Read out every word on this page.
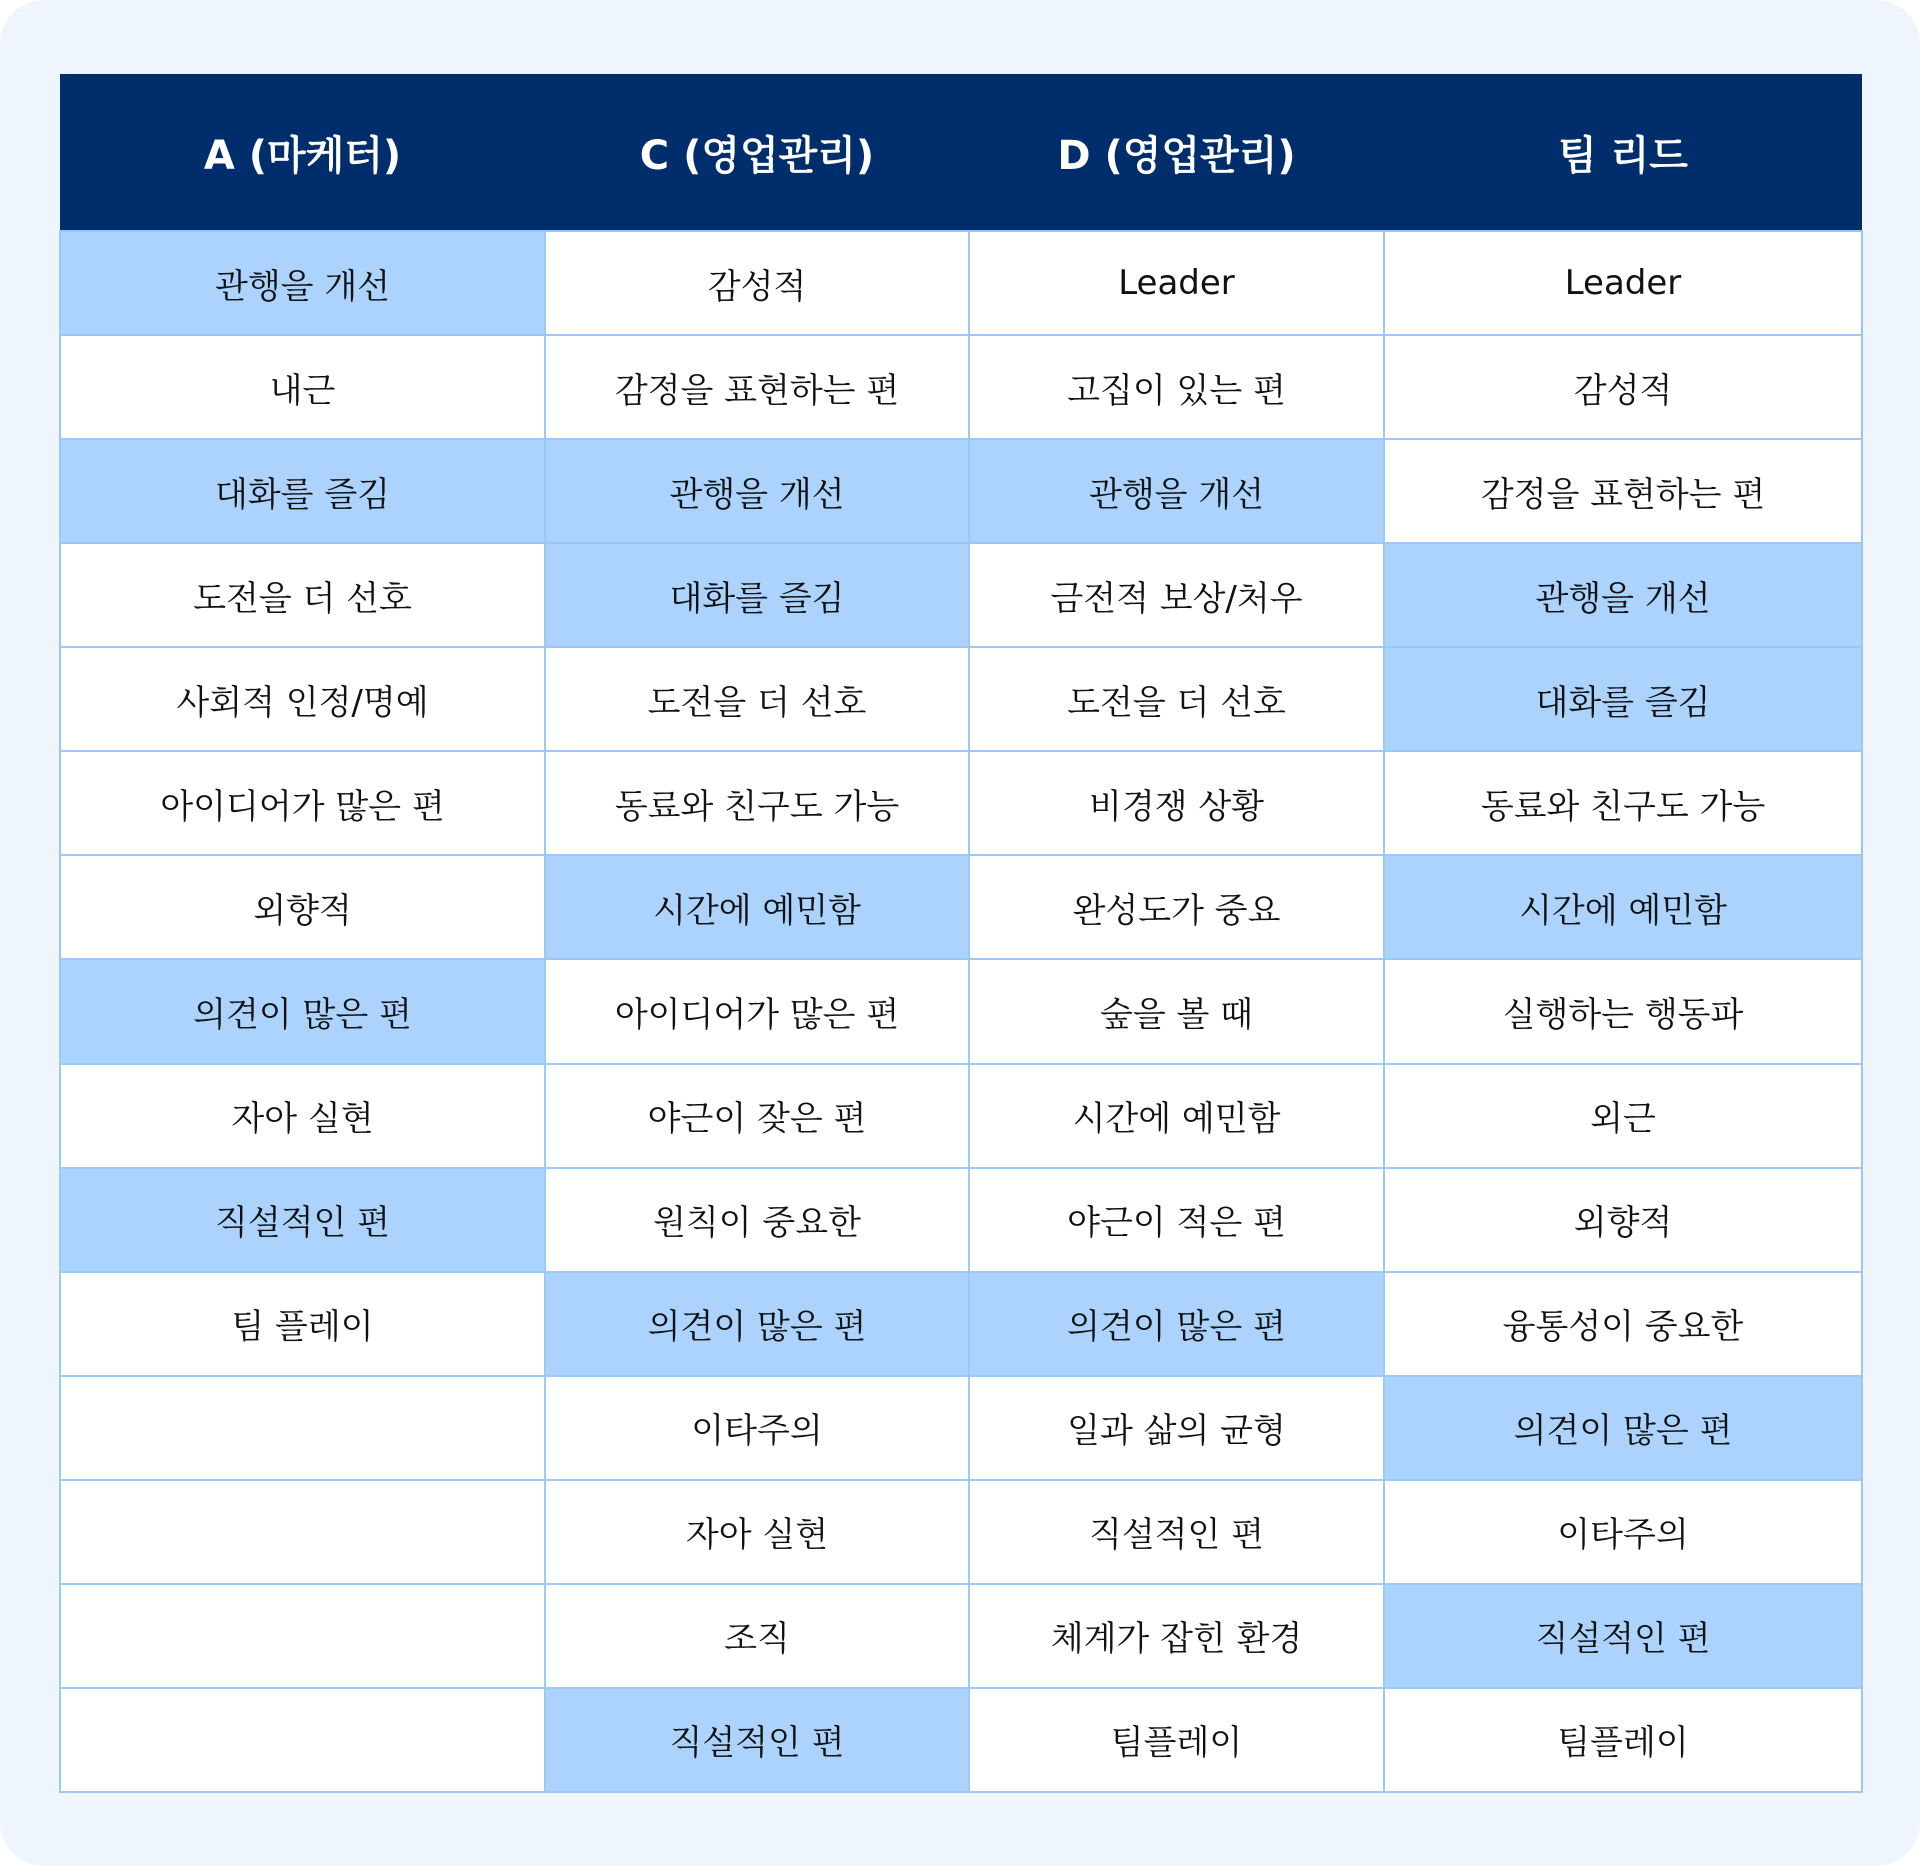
A (마케터)	C (영업관리)	D (영업관리)	팀 리드
관행을 개선	감성적	Leader	Leader
내근	감정을 표현하는 편	고집이 있는 편	감성적
대화를 즐김	관행을 개선	관행을 개선	감정을 표현하는 편
도전을 더 선호	대화를 즐김	금전적 보상/처우	관행을 개선
사회적 인정/명예	도전을 더 선호	도전을 더 선호	대화를 즐김
아이디어가 많은 편	동료와 친구도 가능	비경쟁 상황	동료와 친구도 가능
외향적	시간에 예민함	완성도가 중요	시간에 예민함
의견이 많은 편	아이디어가 많은 편	숲을 볼 때	실행하는 행동파
자아 실현	야근이 잦은 편	시간에 예민함	외근
직설적인 편	원칙이 중요한	야근이 적은 편	외향적
팀 플레이	의견이 많은 편	의견이 많은 편	융통성이 중요한
	이타주의	일과 삶의 균형	의견이 많은 편
	자아 실현	직설적인 편	이타주의
	조직	체계가 잡힌 환경	직설적인 편
	직설적인 편	팀플레이	팀플레이
